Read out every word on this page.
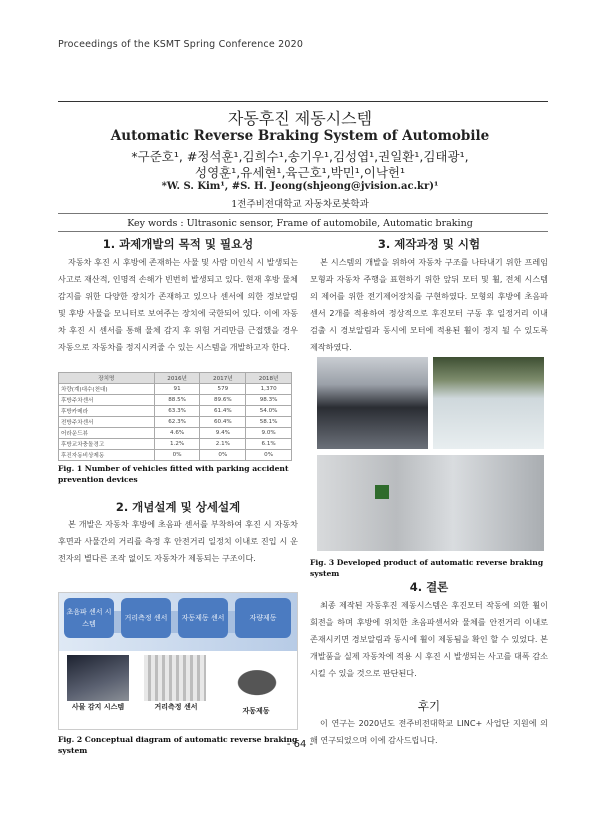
Proceedings of the KSMT Spring Conference 2020
자동후진 제동시스템
Automatic Reverse Braking System of Automobile
*구준호¹, #정석훈¹,김희수¹,송기우¹,김성엽¹,권일환¹,김태광¹,
성영훈¹,유세현¹,육근호¹,박민¹,이낙헌¹
*W. S. Kim¹, #S. H. Jeong(shjeong@jvision.ac.kr)¹
1전주비전대학교 자동차로봇학과
Key words : Ultrasonic sensor, Frame of automobile, Automatic braking
1. 과제개발의 목적 및 필요성
자동차 후진 시 후방에 존재하는 사물 및 사람 미인식 시 발생되는 사고로 재산적, 인명적 손해가 빈번히 발생되고 있다. 현재 후방 물체 감지를 위한 다양한 장치가 존재하고 있으나 센서에 의한 경보알림 및 후방 사물을 모니터로 보여주는 장치에 국한되어 있다. 이에 자동차 후진 시 센서를 통해 물체 감지 후 위험 거리만큼 근접했을 경우 자동으로 자동차를 정지시켜줄 수 있는 시스템을 개발하고자 한다.
장치명	2016년	2017년	2018년
차량(계)대수(천대)	91	579	1,370
후방주차센서	88.5%	89.6%	98.3%
후방카메라	63.3%	61.4%	54.0%
전방주차센서	62.3%	60.4%	58.1%
어라운드뷰	4.6%	9.4%	9.0%
후방교차충돌경고	1.2%	2.1%	6.1%
후진자동비상제동	0%	0%	0%
Fig. 1 Number of vehicles fitted with parking accident prevention devices
2. 개념설계 및 상세설계
본 개발은 자동차 후방에 초음파 센서를 부착하여 후진 시 자동차 후면과 사물간의 거리를 측정 후 안전거리 일정치 이내로 진입 시 운전자의 별다른 조작 없이도 자동차가 제동되는 구조이다.
초음파 센서 시스템
거리측정 센서 자동제동 센서	자량제동
사물 감지 시스템	거리측정 센서	자동제동
Fig. 2 Conceptual diagram of automatic reverse braking system
3. 제작과정 및 시험
본 시스템의 개발을 위하여 자동차 구조를 나타내기 위한 프레임 모형과 자동차 주행을 표현하기 위한 앞뒤 모터 및 휠, 전체 시스템의 제어를 위한 전기제어장치를 구현하였다. 모형의 후방에 초음파센서 2개를 적용하여 정상적으로 후진모터 구동 후 일정거리 이내 검출 시 경보알림과 동시에 모터에 적용된 휠이 정지 될 수 있도록 제작하였다.
Fig. 3 Developed product of automatic reverse braking system
4. 결론
최종 제작된 자동후진 제동시스템은 후진모터 작동에 의한 휠이 회전을 하며 후방에 위치한 초음파센서와 물체를 안전거리 이내로 존재시키면 경보알림과 동시에 휠이 제동됨을 확인 할 수 있었다. 본 개발품을 실제 자동차에 적용 시 후진 시 발생되는 사고를 대폭 감소시킬 수 있을 것으로 판단된다.
후기
이 연구는 2020년도 전주비전대학교 LINC+ 사업단 지원에 의해 연구되었으며 이에 감사드립니다.
- 64 -
